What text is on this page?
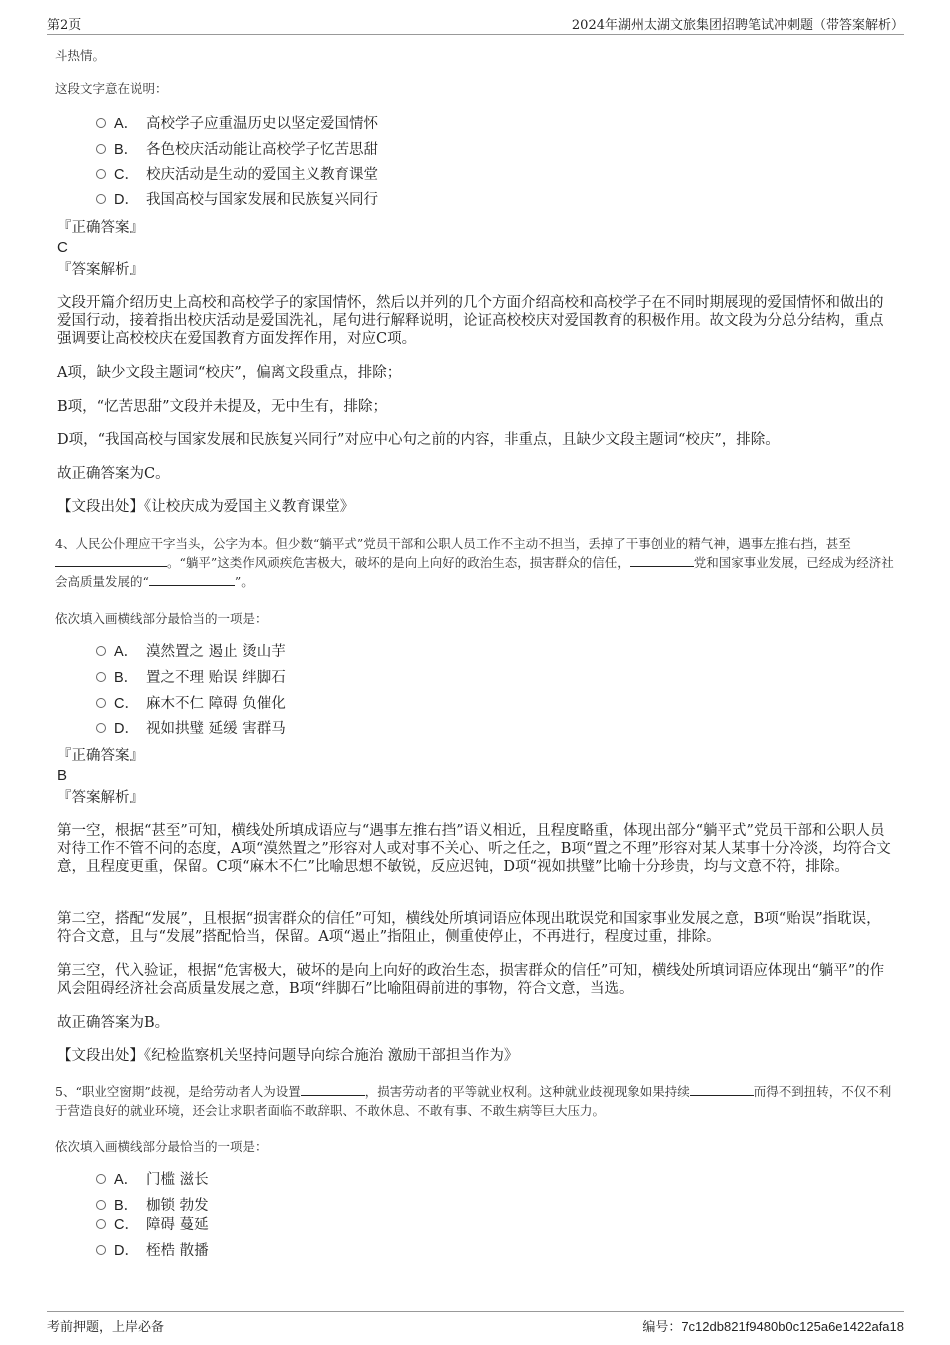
第2页	2024年湖州太湖文旅集团招聘笔试冲刺题（带答案解析）
斗热情。
这段文字意在说明：
A． 高校学子应重温历史以坚定爱国情怀
B． 各色校庆活动能让高校学子忆苦思甜
C． 校庆活动是生动的爱国主义教育课堂
D． 我国高校与国家发展和民族复兴同行
『正确答案』
C
『答案解析』
文段开篇介绍历史上高校和高校学子的家国情怀，然后以并列的几个方面介绍高校和高校学子在不同时期展现的爱国情怀和做出的爱国行动，接着指出校庆活动是爱国洗礼，尾句进行解释说明，论证高校校庆对爱国教育的积极作用。故文段为分总分结构，重点强调要让高校校庆在爱国教育方面发挥作用，对应C项。
A项，缺少文段主题词“校庆”，偏离文段重点，排除；
B项，“忆苦思甜”文段并未提及，无中生有，排除；
D项，“我国高校与国家发展和民族复兴同行”对应中心句之前的内容，非重点，且缺少文段主题词“校庆”，排除。
故正确答案为C。
【文段出处】《让校庆成为爱国主义教育课堂》
4、人民公仆理应干字当头，公字为本。但少数“躺平式”党员干部和公职人员工作不主动不担当，丢掉了干事创业的精气神，遇事左推右挡，甚至。“躺平”这类作风顽疾危害极大，破坏的是向上向好的政治生态，损害群众的信任，	党和国家事业发展，已经成为经济社会高质量发展的“	”。
依次填入画横线部分最恰当的一项是：
A． 漠然置之 遏止 烫山芋
B． 置之不理 贻误 绊脚石
C． 麻木不仁 障碍 负催化
D． 视如拱璧 延缓 害群马
『正确答案』
B
『答案解析』
第一空，根据“甚至”可知，横线处所填成语应与“遇事左推右挡”语义相近，且程度略重，体现出部分“躺平式”党员干部和公职人员对待工作不管不问的态度，A项“漠然置之”形容对人或对事不关心、听之任之，B项“置之不理”形容对某人某事十分冷淡，均符合文意，且程度更重，保留。C项“麻木不仁”比喻思想不敏锐，反应迟钝，D项“视如拱璧”比喻十分珍贵，均与文意不符，排除。
第二空，搭配“发展”，且根据“损害群众的信任”可知，横线处所填词语应体现出耽误党和国家事业发展之意，B项“贻误”指耽误，符合文意，且与“发展”搭配恰当，保留。A项“遏止”指阻止，侧重使停止，不再进行，程度过重，排除。
第三空，代入验证，根据“危害极大，破坏的是向上向好的政治生态，损害群众的信任”可知，横线处所填词语应体现出“躺平”的作风会阻碍经济社会高质量发展之意，B项“绊脚石”比喻阻碍前进的事物，符合文意，当选。
故正确答案为B。
【文段出处】《纪检监察机关坚持问题导向综合施治 激励干部担当作为》
5、“职业空窗期”歧视，是给劳动者人为设置	，损害劳动者的平等就业权利。这种就业歧视现象如果持续	而得不到扭转，不仅不利于营造良好的就业环境，还会让求职者面临不敢辞职、不敢休息、不敢有事、不敢生病等巨大压力。
依次填入画横线部分最恰当的一项是：
A． 门槛 滋长
B． 枷锁 勃发
C． 障碍 蔓延
D． 桎梏 散播
考前押题，上岸必备	编号：7c12db821f9480b0c125a6e1422afa18
